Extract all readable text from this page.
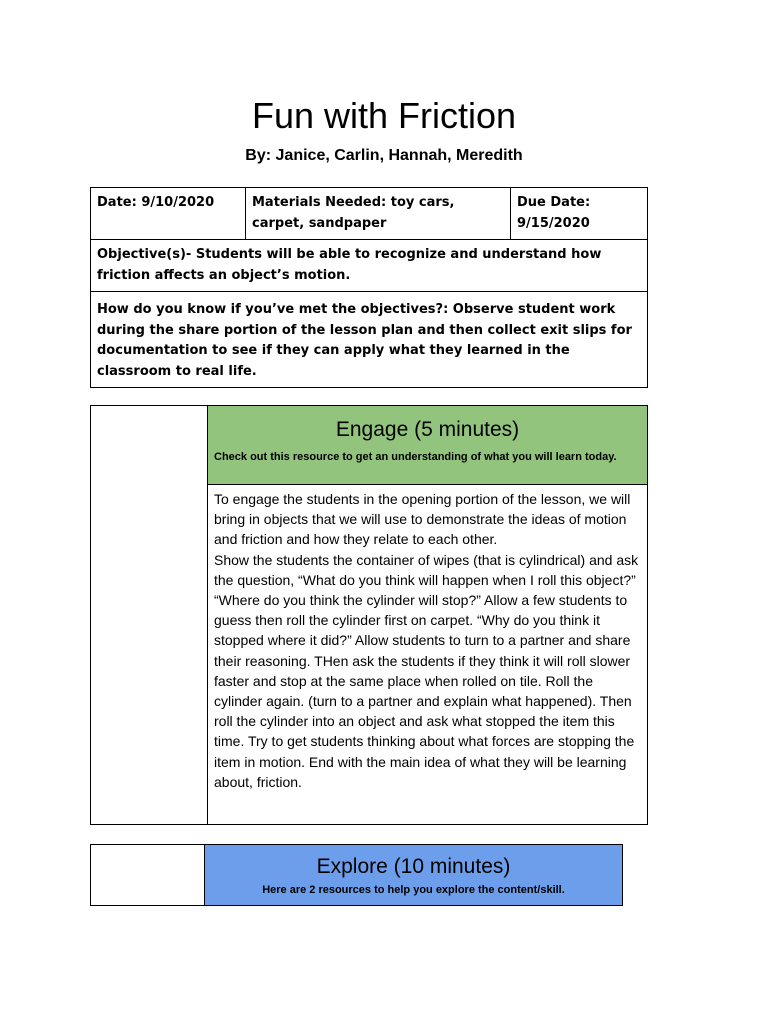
Fun with Friction
By: Janice, Carlin, Hannah, Meredith
Date: 9/10/2020	Materials Needed: toy cars, carpet, sandpaper	Due Date: 9/15/2020
Objective(s)- Students will be able to recognize and understand how friction affects an object’s motion.
How do you know if you’ve met the objectives?: Observe student work during the share portion of the lesson plan and then collect exit slips for documentation to see if they can apply what they learned in the classroom to real life.

Engage (5 minutes)
Check out this resource to get an understanding of what you will learn today.

To engage the students in the opening portion of the lesson, we will bring in objects that we will use to demonstrate the ideas of motion and friction and how they relate to each other.

Show the students the container of wipes (that is cylindrical) and ask the question, “What do you think will happen when I roll this object?” “Where do you think the cylinder will stop?” Allow a few students to guess then roll the cylinder first on carpet. “Why do you think it stopped where it did?” Allow students to turn to a partner and share their reasoning. THen ask the students if they think it will roll slower faster and stop at the same place when rolled on tile. Roll the cylinder again. (turn to a partner and explain what happened). Then roll the cylinder into an object and ask what stopped the item this time. Try to get students thinking about what forces are stopping the item in motion. End with the main idea of what they will be learning about, friction.

Explore (10 minutes)
Here are 2 resources to help you explore the content/skill.
